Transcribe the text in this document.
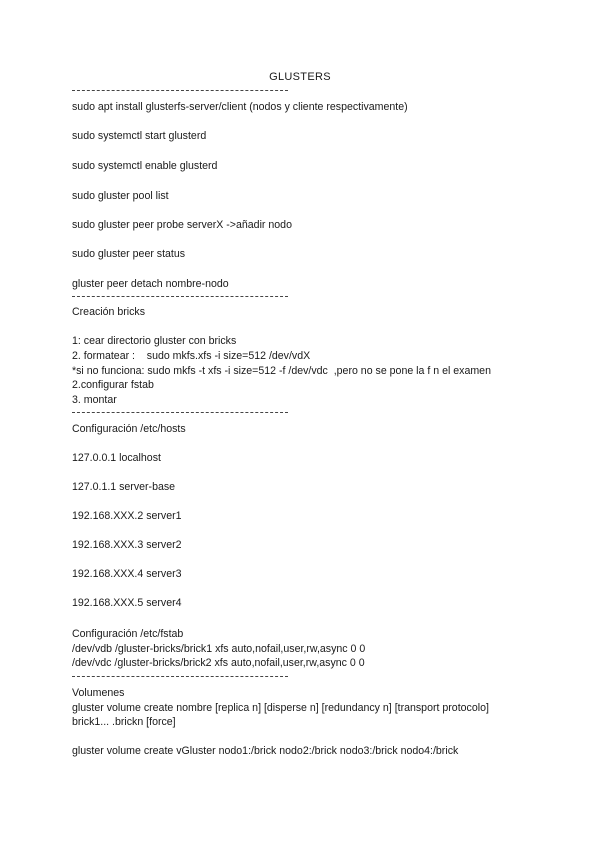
GLUSTERS
sudo apt install glusterfs-server/client (nodos y cliente respectivamente)
sudo systemctl start glusterd
sudo systemctl enable glusterd
sudo gluster pool list
sudo gluster peer probe serverX ->añadir nodo
sudo gluster peer status
gluster peer detach nombre-nodo
Creación bricks
1: cear directorio gluster con bricks
2. formatear :    sudo mkfs.xfs -i size=512 /dev/vdX
*si no funciona: sudo mkfs -t xfs -i size=512 -f /dev/vdc  ,pero no se pone la f n el examen
2.configurar fstab
3. montar
Configuración /etc/hosts
127.0.0.1 localhost
127.0.1.1 server-base
192.168.XXX.2 server1
192.168.XXX.3 server2
192.168.XXX.4 server3
192.168.XXX.5 server4
Configuración /etc/fstab
/dev/vdb /gluster-bricks/brick1 xfs auto,nofail,user,rw,async 0 0
/dev/vdc /gluster-bricks/brick2 xfs auto,nofail,user,rw,async 0 0
Volumenes
gluster volume create nombre [replica n] [disperse n] [redundancy n] [transport protocolo]
brick1... .brickn [force]
gluster volume create vGluster nodo1:/brick nodo2:/brick nodo3:/brick nodo4:/brick
